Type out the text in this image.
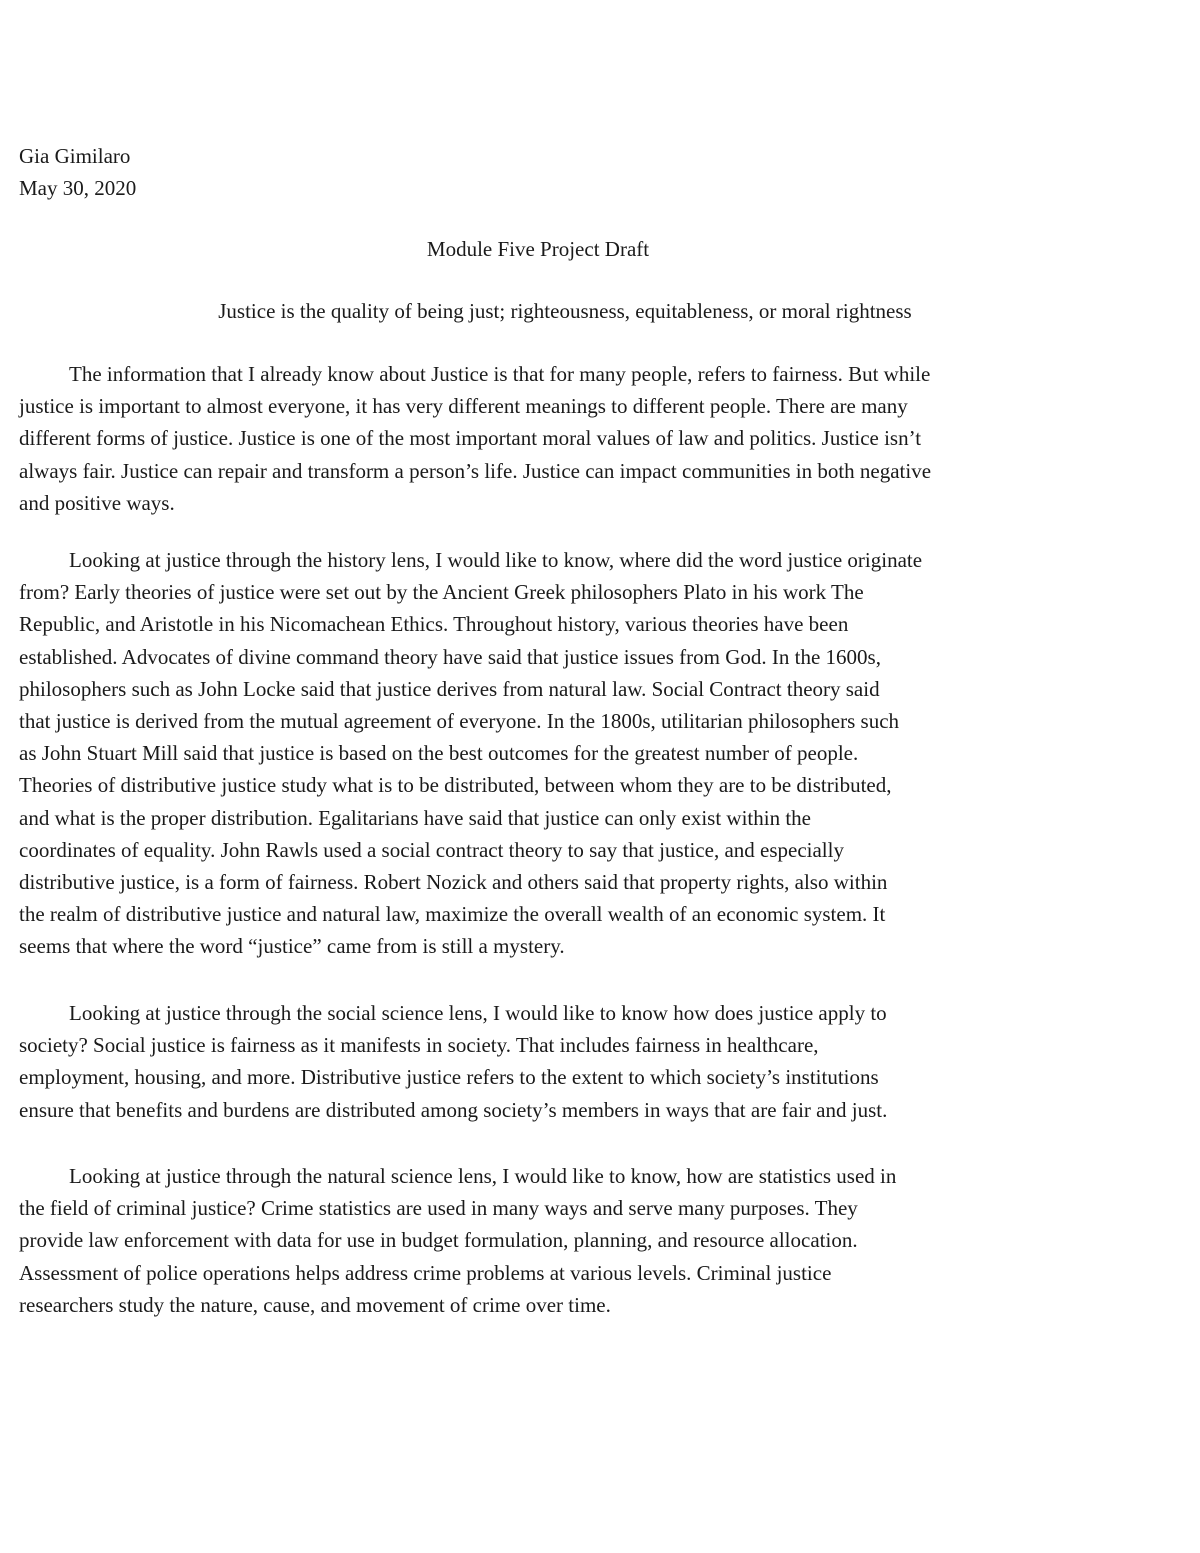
Gia Gimilaro
May 30, 2020
Module Five Project Draft
Justice is the quality of being just; righteousness, equitableness, or moral rightness
The information that I already know about Justice is that for many people, refers to fairness. But while
justice is important to almost everyone, it has very different meanings to different people. There are many
different forms of justice. Justice is one of the most important moral values of law and politics. Justice isn’t
always fair. Justice can repair and transform a person’s life. Justice can impact communities in both negative
and positive ways.
Looking at justice through the history lens, I would like to know, where did the word justice originate
from? Early theories of justice were set out by the Ancient Greek philosophers Plato in his work The
Republic, and Aristotle in his Nicomachean Ethics. Throughout history, various theories have been
established. Advocates of divine command theory have said that justice issues from God. In the 1600s,
philosophers such as John Locke said that justice derives from natural law. Social Contract theory said
that justice is derived from the mutual agreement of everyone. In the 1800s, utilitarian philosophers such
as John Stuart Mill said that justice is based on the best outcomes for the greatest number of people.
Theories of distributive justice study what is to be distributed, between whom they are to be distributed,
and what is the proper distribution. Egalitarians have said that justice can only exist within the
coordinates of equality. John Rawls used a social contract theory to say that justice, and especially
distributive justice, is a form of fairness. Robert Nozick and others said that property rights, also within
the realm of distributive justice and natural law, maximize the overall wealth of an economic system. It
seems that where the word “justice” came from is still a mystery.
Looking at justice through the social science lens, I would like to know how does justice apply to
society? Social justice is fairness as it manifests in society. That includes fairness in healthcare,
employment, housing, and more. Distributive justice refers to the extent to which society’s institutions
ensure that benefits and burdens are distributed among society’s members in ways that are fair and just.
Looking at justice through the natural science lens, I would like to know, how are statistics used in
the field of criminal justice? Crime statistics are used in many ways and serve many purposes. They
provide law enforcement with data for use in budget formulation, planning, and resource allocation.
Assessment of police operations helps address crime problems at various levels. Criminal justice
researchers study the nature, cause, and movement of crime over time.
